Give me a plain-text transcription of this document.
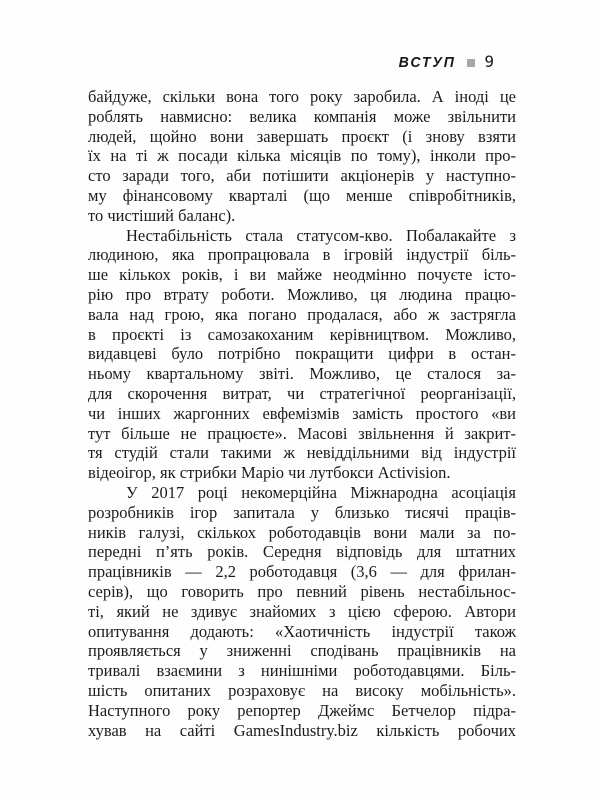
ВСТУП 9
байдуже, скільки вона того року заробила. А іноді це
роблять навмисно: велика компанія може звільнити
людей, щойно вони завершать проєкт (і знову взяти
їх на ті ж посади кілька місяців по тому), інколи про-
сто заради того, аби потішити акціонерів у наступно-
му фінансовому кварталі (що менше співробітників,
то чистіший баланс).
Нестабільність стала статусом-кво. Побалакайте з
людиною, яка пропрацювала в ігровій індустрії біль-
ше кількох років, і ви майже неодмінно почуєте істо-
рію про втрату роботи. Можливо, ця людина працю-
вала над грою, яка погано продалася, або ж застрягла
в проєкті із самозакоханим керівництвом. Можливо,
видавцеві було потрібно покращити цифри в остан-
ньому квартальному звіті. Можливо, це сталося за-
для скорочення витрат, чи стратегічної реорганізації,
чи інших жаргонних евфемізмів замість простого «ви
тут більше не працюєте». Масові звільнення й закрит-
тя студій стали такими ж невіддільними від індустрії
відеоігор, як стрибки Маріо чи лутбокси Activision.
У 2017 році некомерційна Міжнародна асоціація
розробників ігор запитала у близько тисячі праців-
ників галузі, скількох роботодавців вони мали за по-
передні п’ять років. Середня відповідь для штатних
працівників — 2,2 роботодавця (3,6 — для фрилан-
серів), що говорить про певний рівень нестабільнос-
ті, який не здивує знайомих з цією сферою. Автори
опитування додають: «Хаотичність індустрії також
проявляється у зниженні сподівань працівників на
тривалі взаємини з нинішніми роботодавцями. Біль-
шість опитаних розраховує на високу мобільність».
Наступного року репортер Джеймс Бетчелор підра-
хував на сайті GamesIndustry.biz кількість робочих
